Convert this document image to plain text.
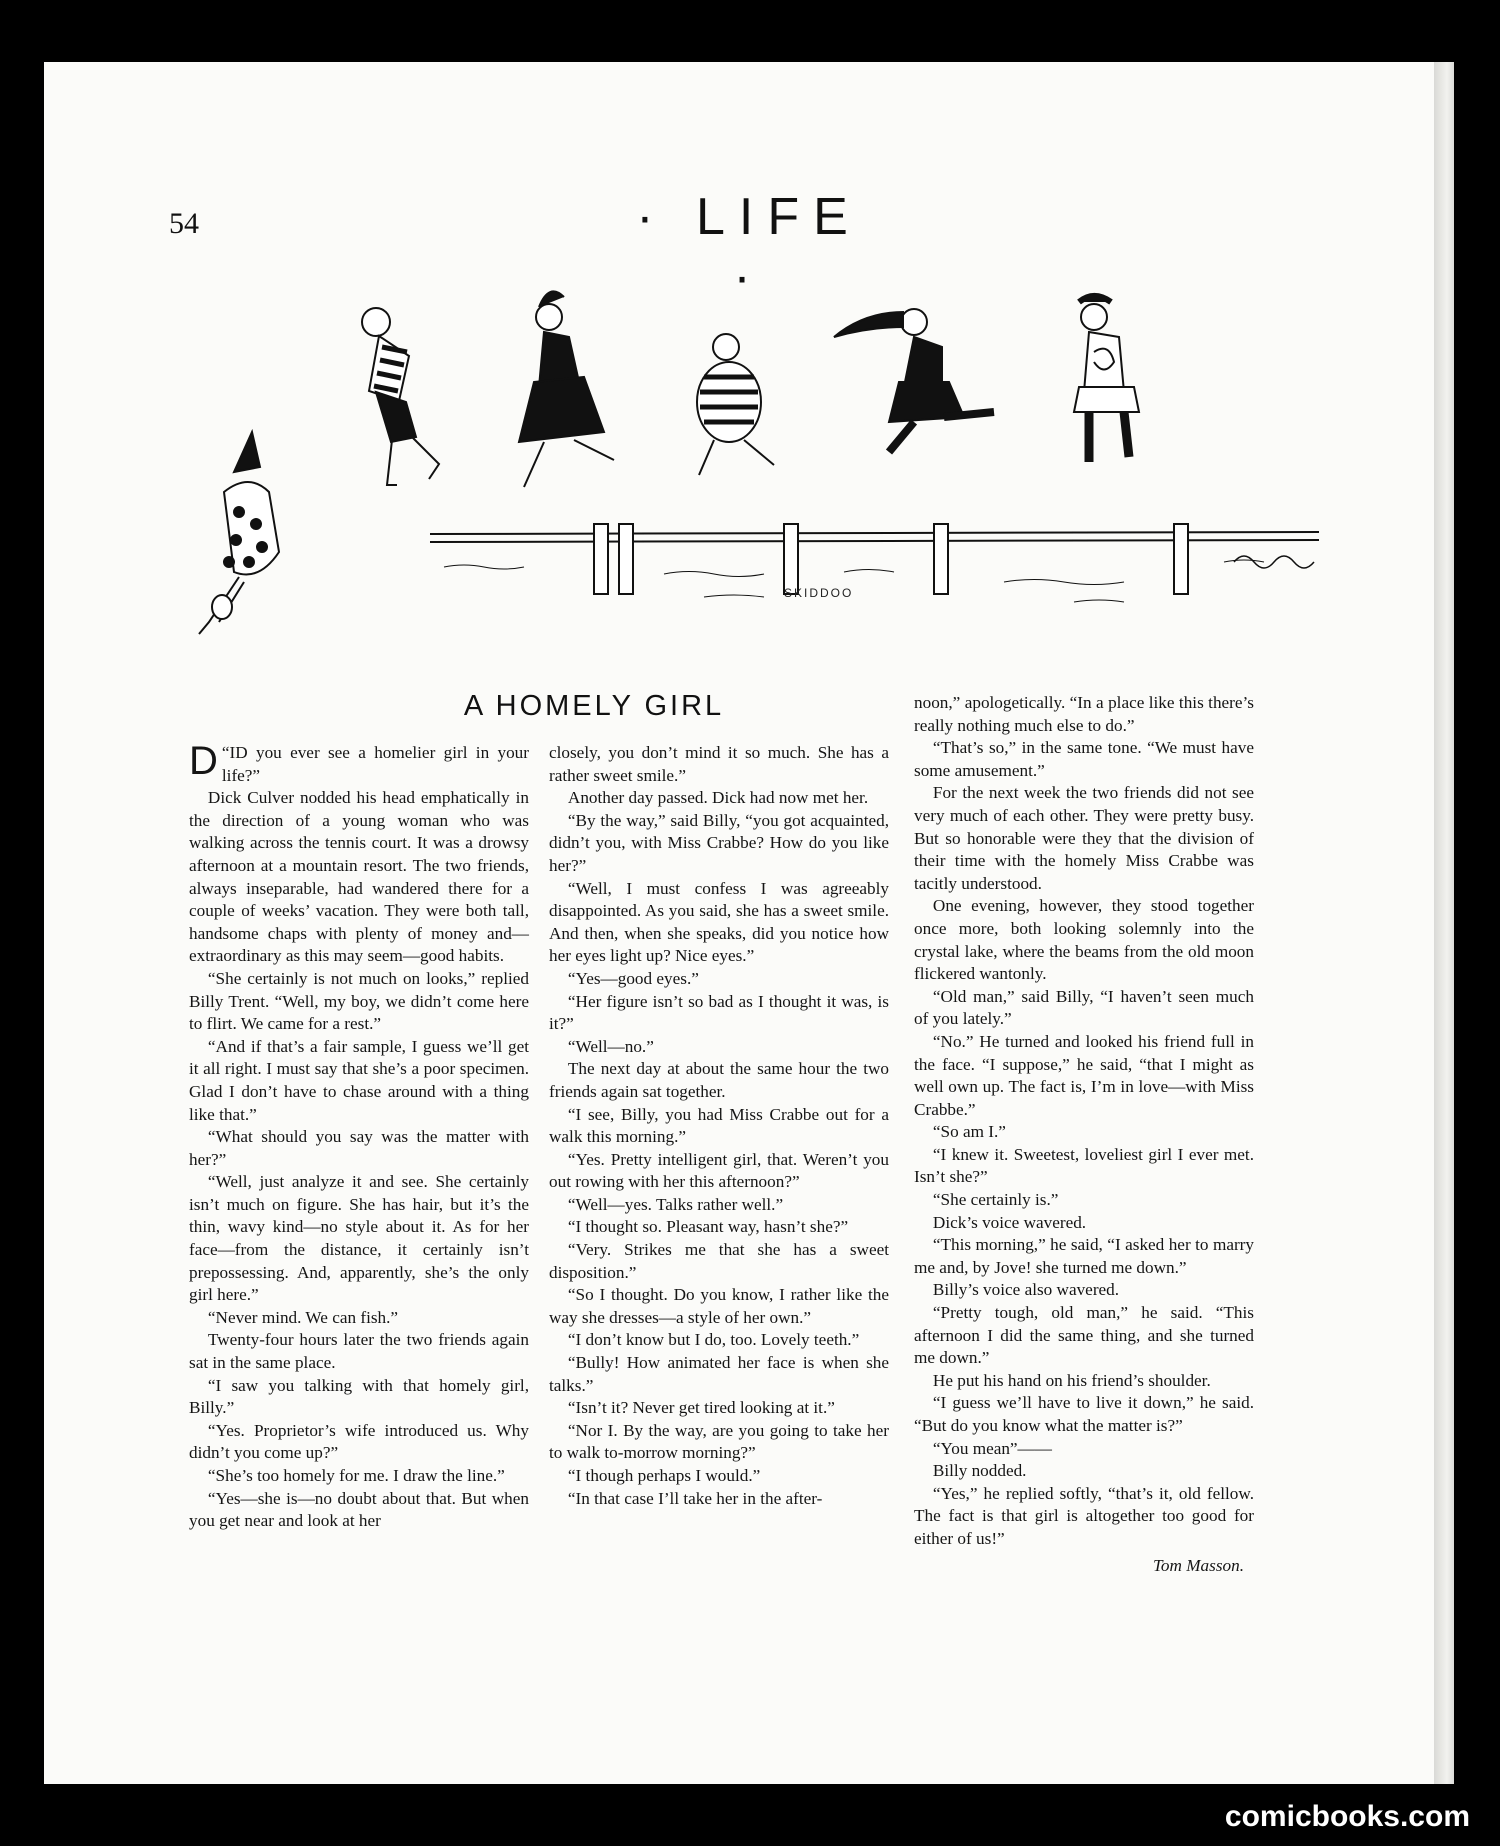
54	· LIFE ·
SKIDDOO
A HOMELY GIRL

“
D ID you ever see a homelier girl in your life?”

Dick Culver nodded his head emphatically in the direction of a young woman who was walking across the tennis court. It was a drowsy afternoon at a mountain resort. The two friends, always inseparable, had wandered there for a couple of weeks’ vacation. They were both tall, handsome chaps with plenty of money and—extraordinary as this may seem—good habits.

“She certainly is not much on looks,” replied Billy Trent. “Well, my boy, we didn’t come here to flirt. We came for a rest.”

“And if that’s a fair sample, I guess we’ll get it all right. I must say that she’s a poor specimen. Glad I don’t have to chase around with a thing like that.”

“What should you say was the matter with her?”

“Well, just analyze it and see. She certainly isn’t much on figure. She has hair, but it’s the thin, wavy kind—no style about it. As for her face—from the distance, it certainly isn’t prepossessing. And, apparently, she’s the only girl here.”

“Never mind. We can fish.”

Twenty-four hours later the two friends again sat in the same place.

“I saw you talking with that homely girl, Billy.”

“Yes. Proprietor’s wife introduced us. Why didn’t you come up?”

“She’s too homely for me. I draw the line.”

“Yes—she is—no doubt about that. But when you get near and look at her

closely, you don’t mind it so much. She has a rather sweet smile.”

Another day passed. Dick had now met her.

“By the way,” said Billy, “you got acquainted, didn’t you, with Miss Crabbe? How do you like her?”

“Well, I must confess I was agreeably disappointed. As you said, she has a sweet smile. And then, when she speaks, did you notice how her eyes light up? Nice eyes.”

“Yes—good eyes.”

“Her figure isn’t so bad as I thought it was, is it?”

“Well—no.”

The next day at about the same hour the two friends again sat together.

“I see, Billy, you had Miss Crabbe out for a walk this morning.”

“Yes. Pretty intelligent girl, that. Weren’t you out rowing with her this afternoon?”

“Well—yes. Talks rather well.”

“I thought so. Pleasant way, hasn’t she?”

“Very. Strikes me that she has a sweet disposition.”

“So I thought. Do you know, I rather like the way she dresses—a style of her own.”

“I don’t know but I do, too. Lovely teeth.”

“Bully! How animated her face is when she talks.”

“Isn’t it? Never get tired looking at it.”

“Nor I. By the way, are you going to take her to walk to-morrow morning?”

“I though perhaps I would.”

“In that case I’ll take her in the after-

noon,” apologetically. “In a place like this there’s really nothing much else to do.”

“That’s so,” in the same tone. “We must have some amusement.”

For the next week the two friends did not see very much of each other. They were pretty busy. But so honorable were they that the division of their time with the homely Miss Crabbe was tacitly understood.

One evening, however, they stood together once more, both looking solemnly into the crystal lake, where the beams from the old moon flickered wantonly.

“Old man,” said Billy, “I haven’t seen much of you lately.”

“No.” He turned and looked his friend full in the face. “I suppose,” he said, “that I might as well own up. The fact is, I’m in love—with Miss Crabbe.”

“So am I.”

“I knew it. Sweetest, loveliest girl I ever met. Isn’t she?”

“She certainly is.”

Dick’s voice wavered.

“This morning,” he said, “I asked her to marry me and, by Jove! she turned me down.”

Billy’s voice also wavered.

“Pretty tough, old man,” he said. “This afternoon I did the same thing, and she turned me down.”

He put his hand on his friend’s shoulder.

“I guess we’ll have to live it down,” he said. “But do you know what the matter is?”

“You mean”——

Billy nodded.

“Yes,” he replied softly, “that’s it, old fellow. The fact is that girl is altogether too good for either of us!”

Tom Masson.

comicbooks.com
